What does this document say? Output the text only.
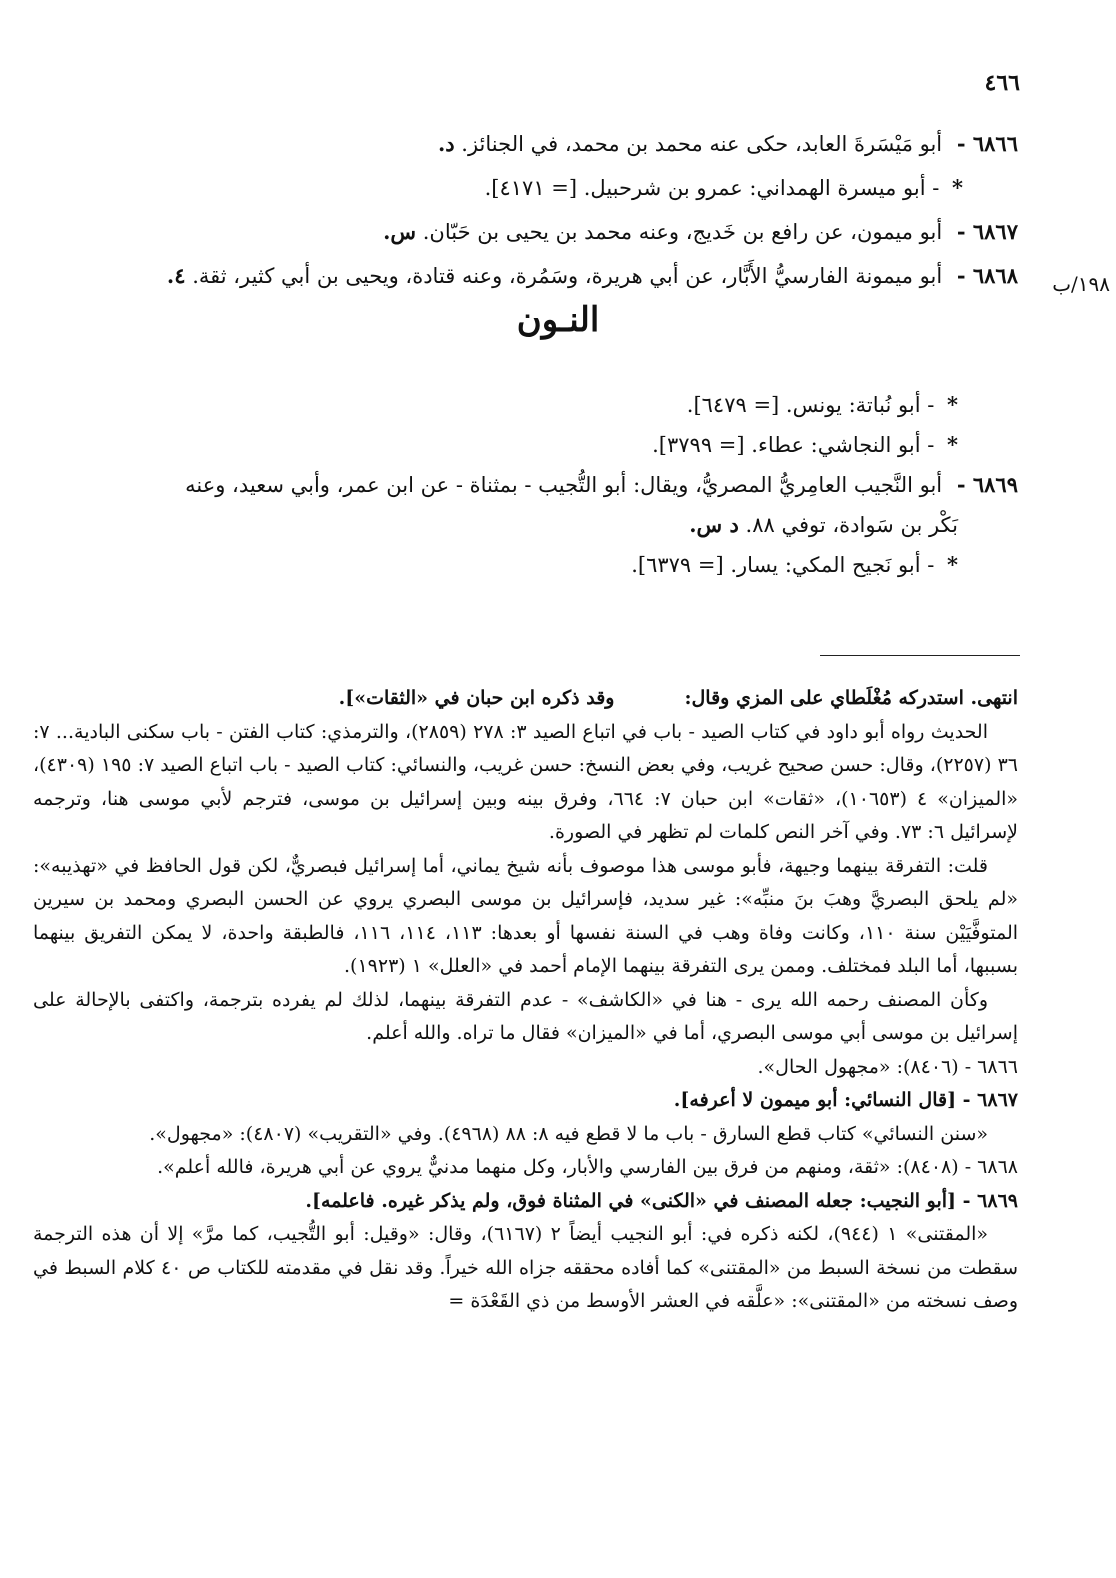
٤٦٦
١٩٨/ب
٦٨٦٦ - أبو مَيْسَرةَ العابد، حكى عنه محمد بن محمد، في الجنائز. د.
* - أبو ميسرة الهمداني: عمرو بن شرحبيل. [= ٤١٧١].
٦٨٦٧ - أبو ميمون، عن رافع بن خَديج، وعنه محمد بن يحيى بن حَبّان. س.
٦٨٦٨ - أبو ميمونة الفارسيُّ الأَبَّار، عن أبي هريرة، وسَمُرة، وعنه قتادة، ويحيى بن أبي كثير، ثقة. ٤.
النـون
* - أبو نُباتة: يونس. [= ٦٤٧٩].
* - أبو النجاشي: عطاء. [= ٣٧٩٩].
٦٨٦٩ - أبو النَّجيب العامِريُّ المصريُّ، ويقال: أبو التُّجيب - بمثناة - عن ابن عمر، وأبي سعيد، وعنه
بَكْر بن سَوادة، توفي ٨٨. د س.
* - أبو نَجيح المكي: يسار. [= ٦٣٧٩].

انتهى. استدركه مُغْلَطاي على المزي وقال:وقد ذكره ابن حبان في «الثقات»].

الحديث رواه أبو داود في كتاب الصيد - باب في اتباع الصيد ٣: ٢٧٨ (٢٨٥٩)، والترمذي: كتاب الفتن - باب سكنى البادية... ٧: ٣٦ (٢٢٥٧)، وقال: حسن صحيح غريب، وفي بعض النسخ: حسن غريب، والنسائي: كتاب الصيد - باب اتباع الصيد ٧: ١٩٥ (٤٣٠٩)، «الميزان» ٤ (١٠٦٥٣)، «ثقات» ابن حبان ٧: ٦٦٤، وفرق بينه وبين إسرائيل بن موسى، فترجم لأبي موسى هنا، وترجمه لإسرائيل ٦: ٧٣. وفي آخر النص كلمات لم تظهر في الصورة.

قلت: التفرقة بينهما وجيهة، فأبو موسى هذا موصوف بأنه شيخ يماني، أما إسرائيل فبصريٌّ، لكن قول الحافظ في «تهذيبه»: «لم يلحق البصريَّ وهبَ بنَ منبِّه»: غير سديد، فإسرائيل بن موسى البصري يروي عن الحسن البصري ومحمد بن سيرين المتوفَّيَيْن سنة ١١٠، وكانت وفاة وهب في السنة نفسها أو بعدها: ١١٣، ١١٤، ١١٦، فالطبقة واحدة، لا يمكن التفريق بينهما بسببها، أما البلد فمختلف. وممن يرى التفرقة بينهما الإمام أحمد في «العلل» ١ (١٩٢٣).

وكأن المصنف رحمه الله يرى - هنا في «الكاشف» - عدم التفرقة بينهما، لذلك لم يفرده بترجمة، واكتفى بالإحالة على إسرائيل بن موسى أبي موسى البصري، أما في «الميزان» فقال ما تراه. والله أعلم.

٦٨٦٦ - (٨٤٠٦): «مجهول الحال».

٦٨٦٧ - [قال النسائي: أبو ميمون لا أعرفه].

«سنن النسائي» كتاب قطع السارق - باب ما لا قطع فيه ٨: ٨٨ (٤٩٦٨). وفي «التقريب» (٤٨٠٧): «مجهول».

٦٨٦٨ - (٨٤٠٨): «ثقة، ومنهم من فرق بين الفارسي والأبار، وكل منهما مدنيٌّ يروي عن أبي هريرة، فالله أعلم».

٦٨٦٩ - [أبو النجيب: جعله المصنف في «الكنى» في المثناة فوق، ولم يذكر غيره. فاعلمه].

«المقتنى» ١ (٩٤٤)، لكنه ذكره في: أبو النجيب أيضاً ٢ (٦١٦٧)، وقال: «وقيل: أبو التُّجيب، كما مرَّ» إلا أن هذه الترجمة سقطت من نسخة السبط من «المقتنى» كما أفاده محققه جزاه الله خيراً. وقد نقل في مقدمته للكتاب ص ٤٠ كلام السبط في وصف نسخته من «المقتنى»: «علَّقه في العشر الأوسط من ذي القَعْدَة =
